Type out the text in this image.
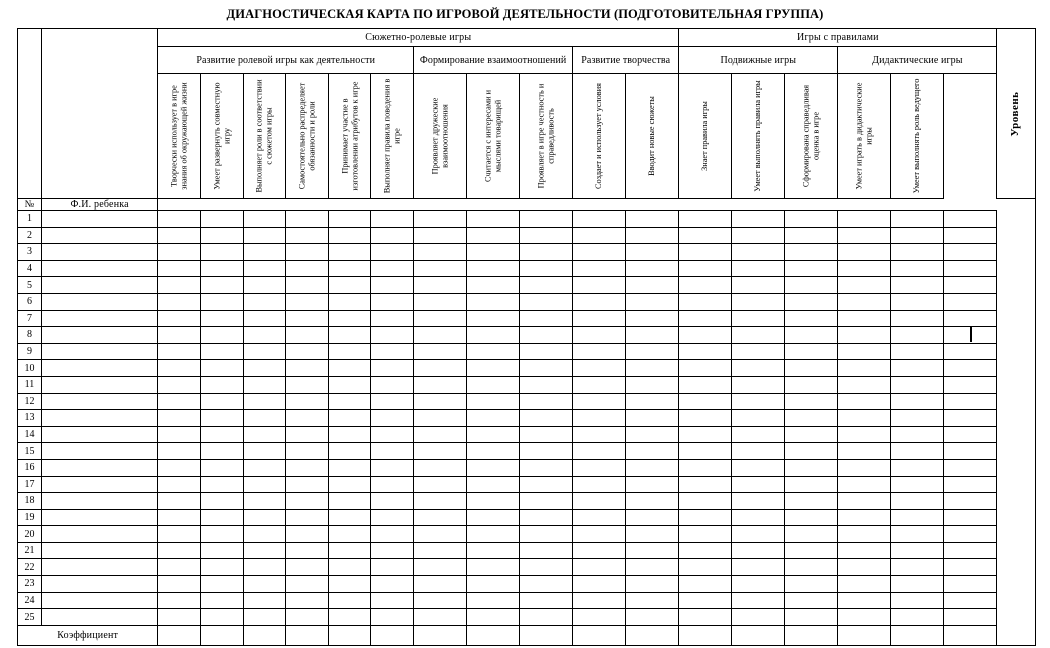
ДИАГНОСТИЧЕСКАЯ КАРТА ПО ИГРОВОЙ ДЕЯТЕЛЬНОСТИ (ПОДГОТОВИТЕЛЬНАЯ ГРУППА)
		Сюжетно-ролевые игры											Игры с правилами						Уровень

		Развитие ролевой игры как деятельности						Формирование взаимоотношений			Развитие творчества		Подвижные игры			Дидактические игры			

		Творчески использует в игре знания об окружающей жизни	Умеет развернуть совместную игру	Выполняет роли в соответствии с сюжетом игры	Самостоятельно распределяет обязанности и роли	Принимает участие в изготовлении атрибутов к игре	Выполняет правила поведения в игре	Проявляет дружеские взаимоотношения	Считается с интересами и мыслями товарищей	Проявляет в игре честность и справедливость	Создает и использует условия	Вводит новые сюжеты	Знает правила игры	Умеет выполнять правила игры	Сформирована справедливая оценка в игре	Умеет играть в дидактические игры	Умеет выполнять роль ведущего		

№	Ф.И. ребенка																		
1																			
2																			
3																			
4																			
5																			
6																			
7																			
8																			
9																			
10																			
11																			
12																			
13																			
14																			
15																			
16																			
17																			
18																			
19																			
20																			
21																			
22																			
23																			
24																			
25																			
Коэффициент																			
